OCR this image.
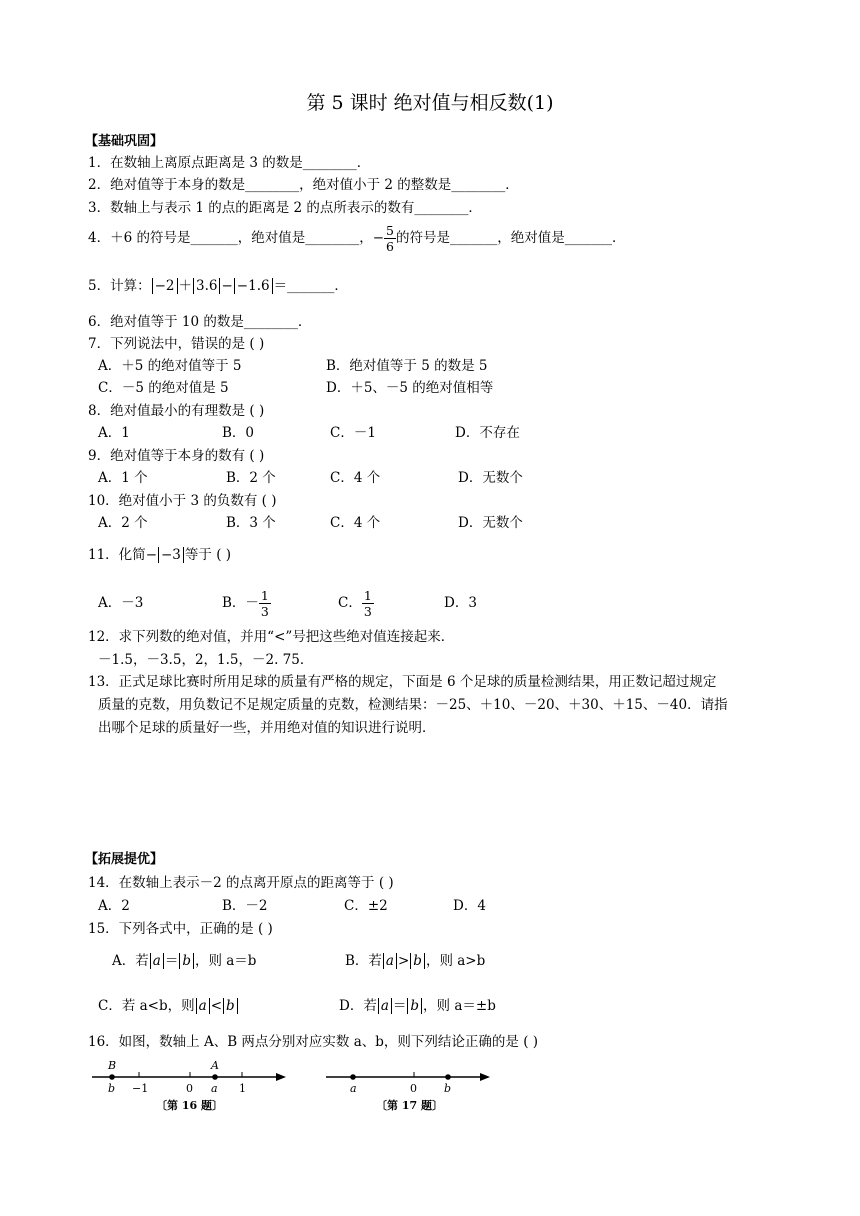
第 5 课时 绝对值与相反数(1)
【基础巩固】
1．在数轴上离原点距离是 3 的数是________．
2．绝对值等于本身的数是________，绝对值小于 2 的整数是________．
3．数轴上与表示 1 的点的距离是 2 的点所表示的数有________．
4．＋6 的符号是_______，绝对值是________，− $\frac{5}{6}$ 的符号是_______，绝对值是_______．
5．计算： −2 ＋ 3.6 − −1.6 ＝_______．
6．绝对值等于 10 的数是________．
7．下列说法中，错误的是 ( )
A．＋5 的绝对值等于 5	B．绝对值等于 5 的数是 5
C．－5 的绝对值是 5	D．＋5、－5 的绝对值相等
8．绝对值最小的有理数是 ( )
A．1	B．0	C．－1	D．不存在
9．绝对值等于本身的数有 ( )
A．1 个	B．2 个	C．4 个	D．无数个
10．绝对值小于 3 的负数有 ( )
A．2 个	B．3 个	C．4 个	D．无数个
11．化简− −3 等于 ( )
A．－3	B．－ $\frac{1}{3}$	C． $\frac{1}{3}$	D．3
12．求下列数的绝对值，并用“<”号把这些绝对值连接起来．
－1.5，－3.5，2，1.5，－2. 75．
13．正式足球比赛时所用足球的质量有严格的规定，下面是 6 个足球的质量检测结果，用正数记超过规定
质量的克数，用负数记不足规定质量的克数，检测结果：－25、＋10、－20、＋30、＋15、－40．请指
出哪个足球的质量好一些，并用绝对值的知识进行说明．
【拓展提优】
14．在数轴上表示－2 的点离开原点的距离等于 ( )
A．2	B．－2	C．±2	D．4
15．下列各式中，正确的是 ( )
A．若 a ＝ b ，则 a＝b	B．若 a > b ，则 a>b
C．若 a<b，则 a < b	D．若 a ＝ b ，则 a＝±b
16．如图，数轴上 A、B 两点分别对应实数 a、b，则下列结论正确的是 ( )
B	A
b −1	0 a 1
〔第 16 题〕
a	0 b
〔第 17 题〕
